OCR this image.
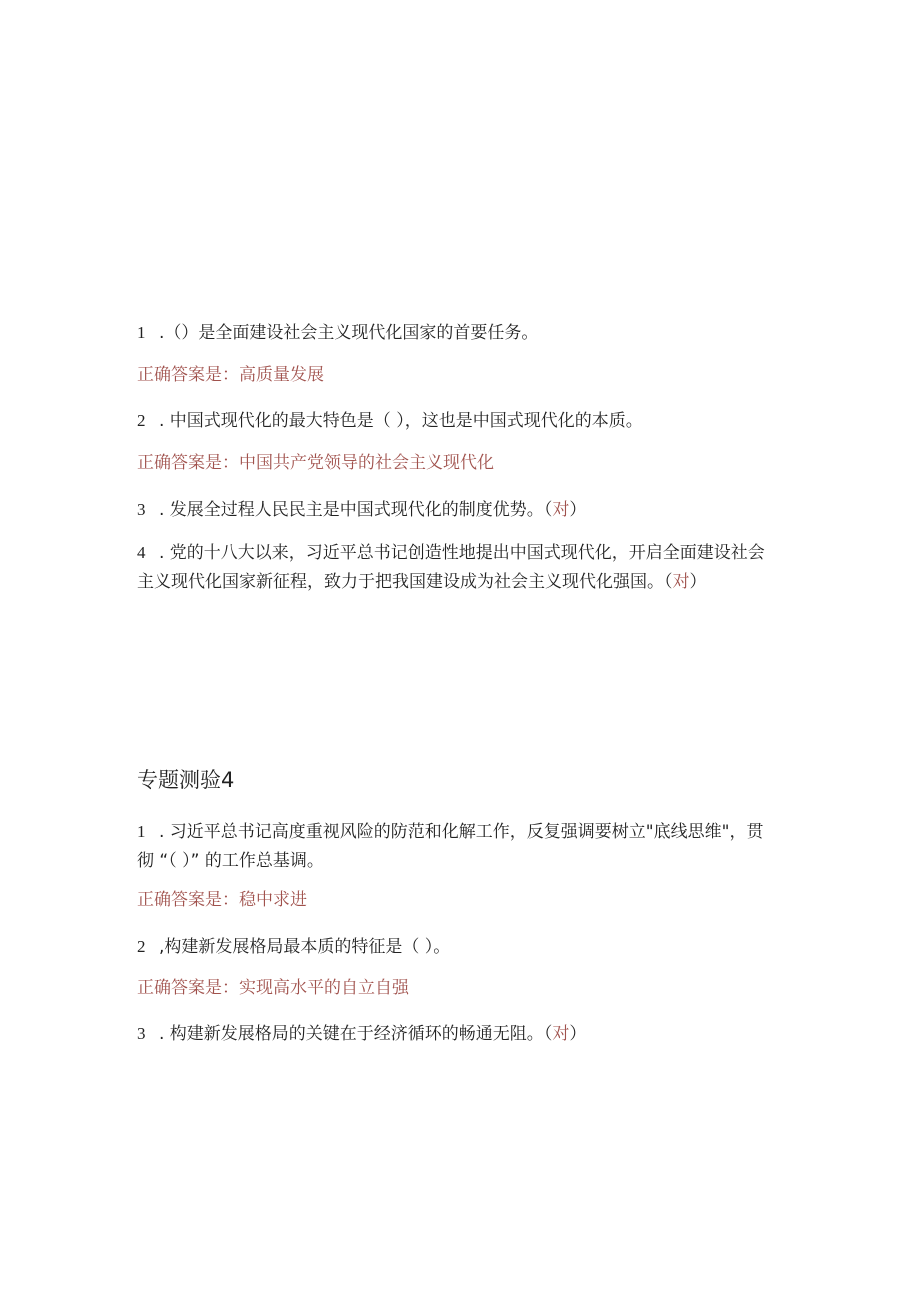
1 .（）是全面建设社会主义现代化国家的首要任务。
正确答案是：高质量发展
2 . 中国式现代化的最大特色是（ ），这也是中国式现代化的本质。
正确答案是：中国共产党领导的社会主义现代化
3 . 发展全过程人民民主是中国式现代化的制度优势。（对）
4 . 党的十八大以来，习近平总书记创造性地提出中国式现代化，开启全面建设社会主义现代化国家新征程，致力于把我国建设成为社会主义现代化强国。（对）
专题测验4
1 . 习近平总书记高度重视风险的防范和化解工作，反复强调要树立"底线思维"，贯彻 “（ ）” 的工作总基调。
正确答案是：稳中求进
2 ,构建新发展格局最本质的特征是（ ）。
正确答案是：实现高水平的自立自强
3 . 构建新发展格局的关键在于经济循环的畅通无阻。（对）
